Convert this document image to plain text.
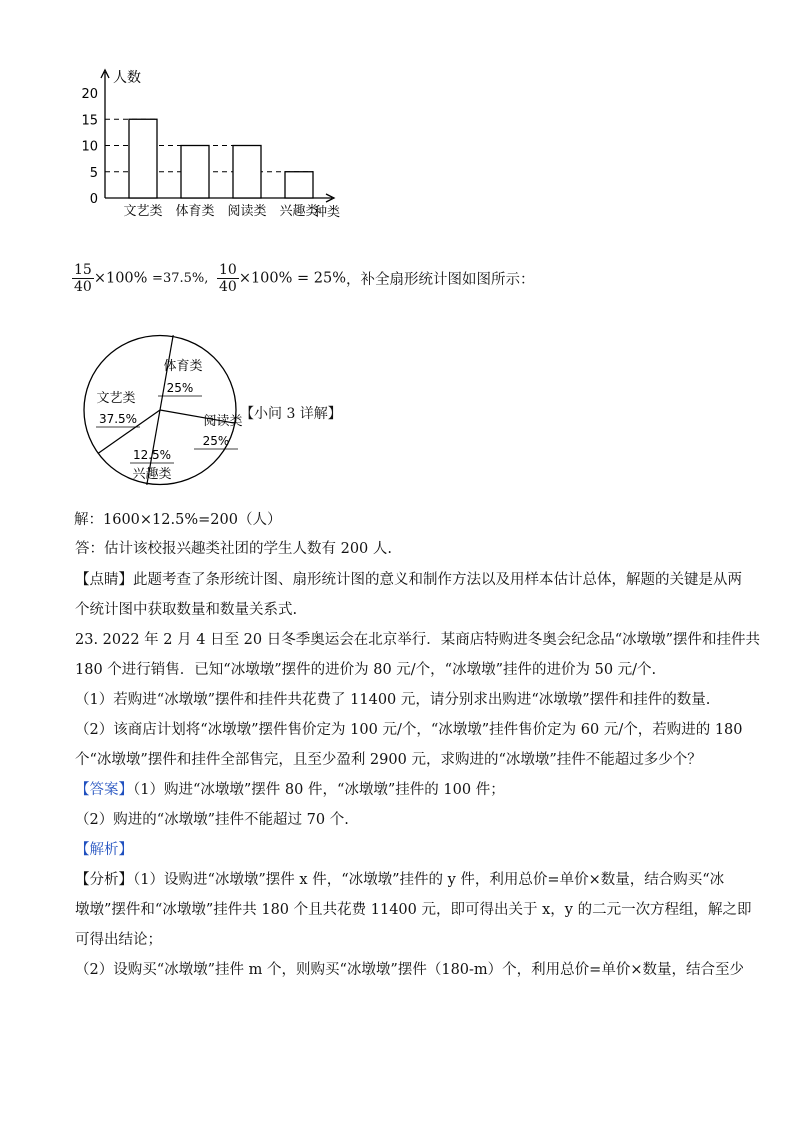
人数
种类
0
5
10
15
20
文艺类 体育类 阅读类 兴趣类
$\frac{15}{40} \times 100\% =37.5\%$, $\frac{10}{40} \times 100\% = 25\%$，补全扇形统计图如图所示：
体育类
25%
阅读类
25%
兴趣类
12.5%
文艺类
37.5%	【小问 3 详解】
解：1600×12.5%=200（人）
答：估计该校报兴趣类社团的学生人数有 200 人.
【点睛】此题考查了条形统计图、扇形统计图的意义和制作方法以及用样本估计总体，解题的关键是从两
个统计图中获取数量和数量关系式.
23. 2022 年 2 月 4 日至 20 日冬季奥运会在北京举行．某商店特购进冬奥会纪念品“冰墩墩”摆件和挂件共
180 个进行销售．已知“冰墩墩”摆件的进价为 80 元/个，“冰墩墩”挂件的进价为 50 元/个.
（1）若购进“冰墩墩”摆件和挂件共花费了 11400 元，请分别求出购进“冰墩墩”摆件和挂件的数量.
（2）该商店计划将“冰墩墩”摆件售价定为 100 元/个，“冰墩墩”挂件售价定为 60 元/个，若购进的 180
个“冰墩墩”摆件和挂件全部售完，且至少盈利 2900 元，求购进的“冰墩墩”挂件不能超过多少个？
【答案】（1）购进“冰墩墩”摆件 80 件，“冰墩墩”挂件的 100 件；
（2）购进的“冰墩墩”挂件不能超过 70 个.
【解析】
【分析】（1）设购进“冰墩墩”摆件 x 件，“冰墩墩”挂件的 y 件，利用总价=单价×数量，结合购买“冰
墩墩”摆件和“冰墩墩”挂件共 180 个且共花费 11400 元，即可得出关于 x，y 的二元一次方程组，解之即
可得出结论；
（2）设购买“冰墩墩”挂件 m 个，则购买“冰墩墩”摆件（180-m）个，利用总价=单价×数量，结合至少
